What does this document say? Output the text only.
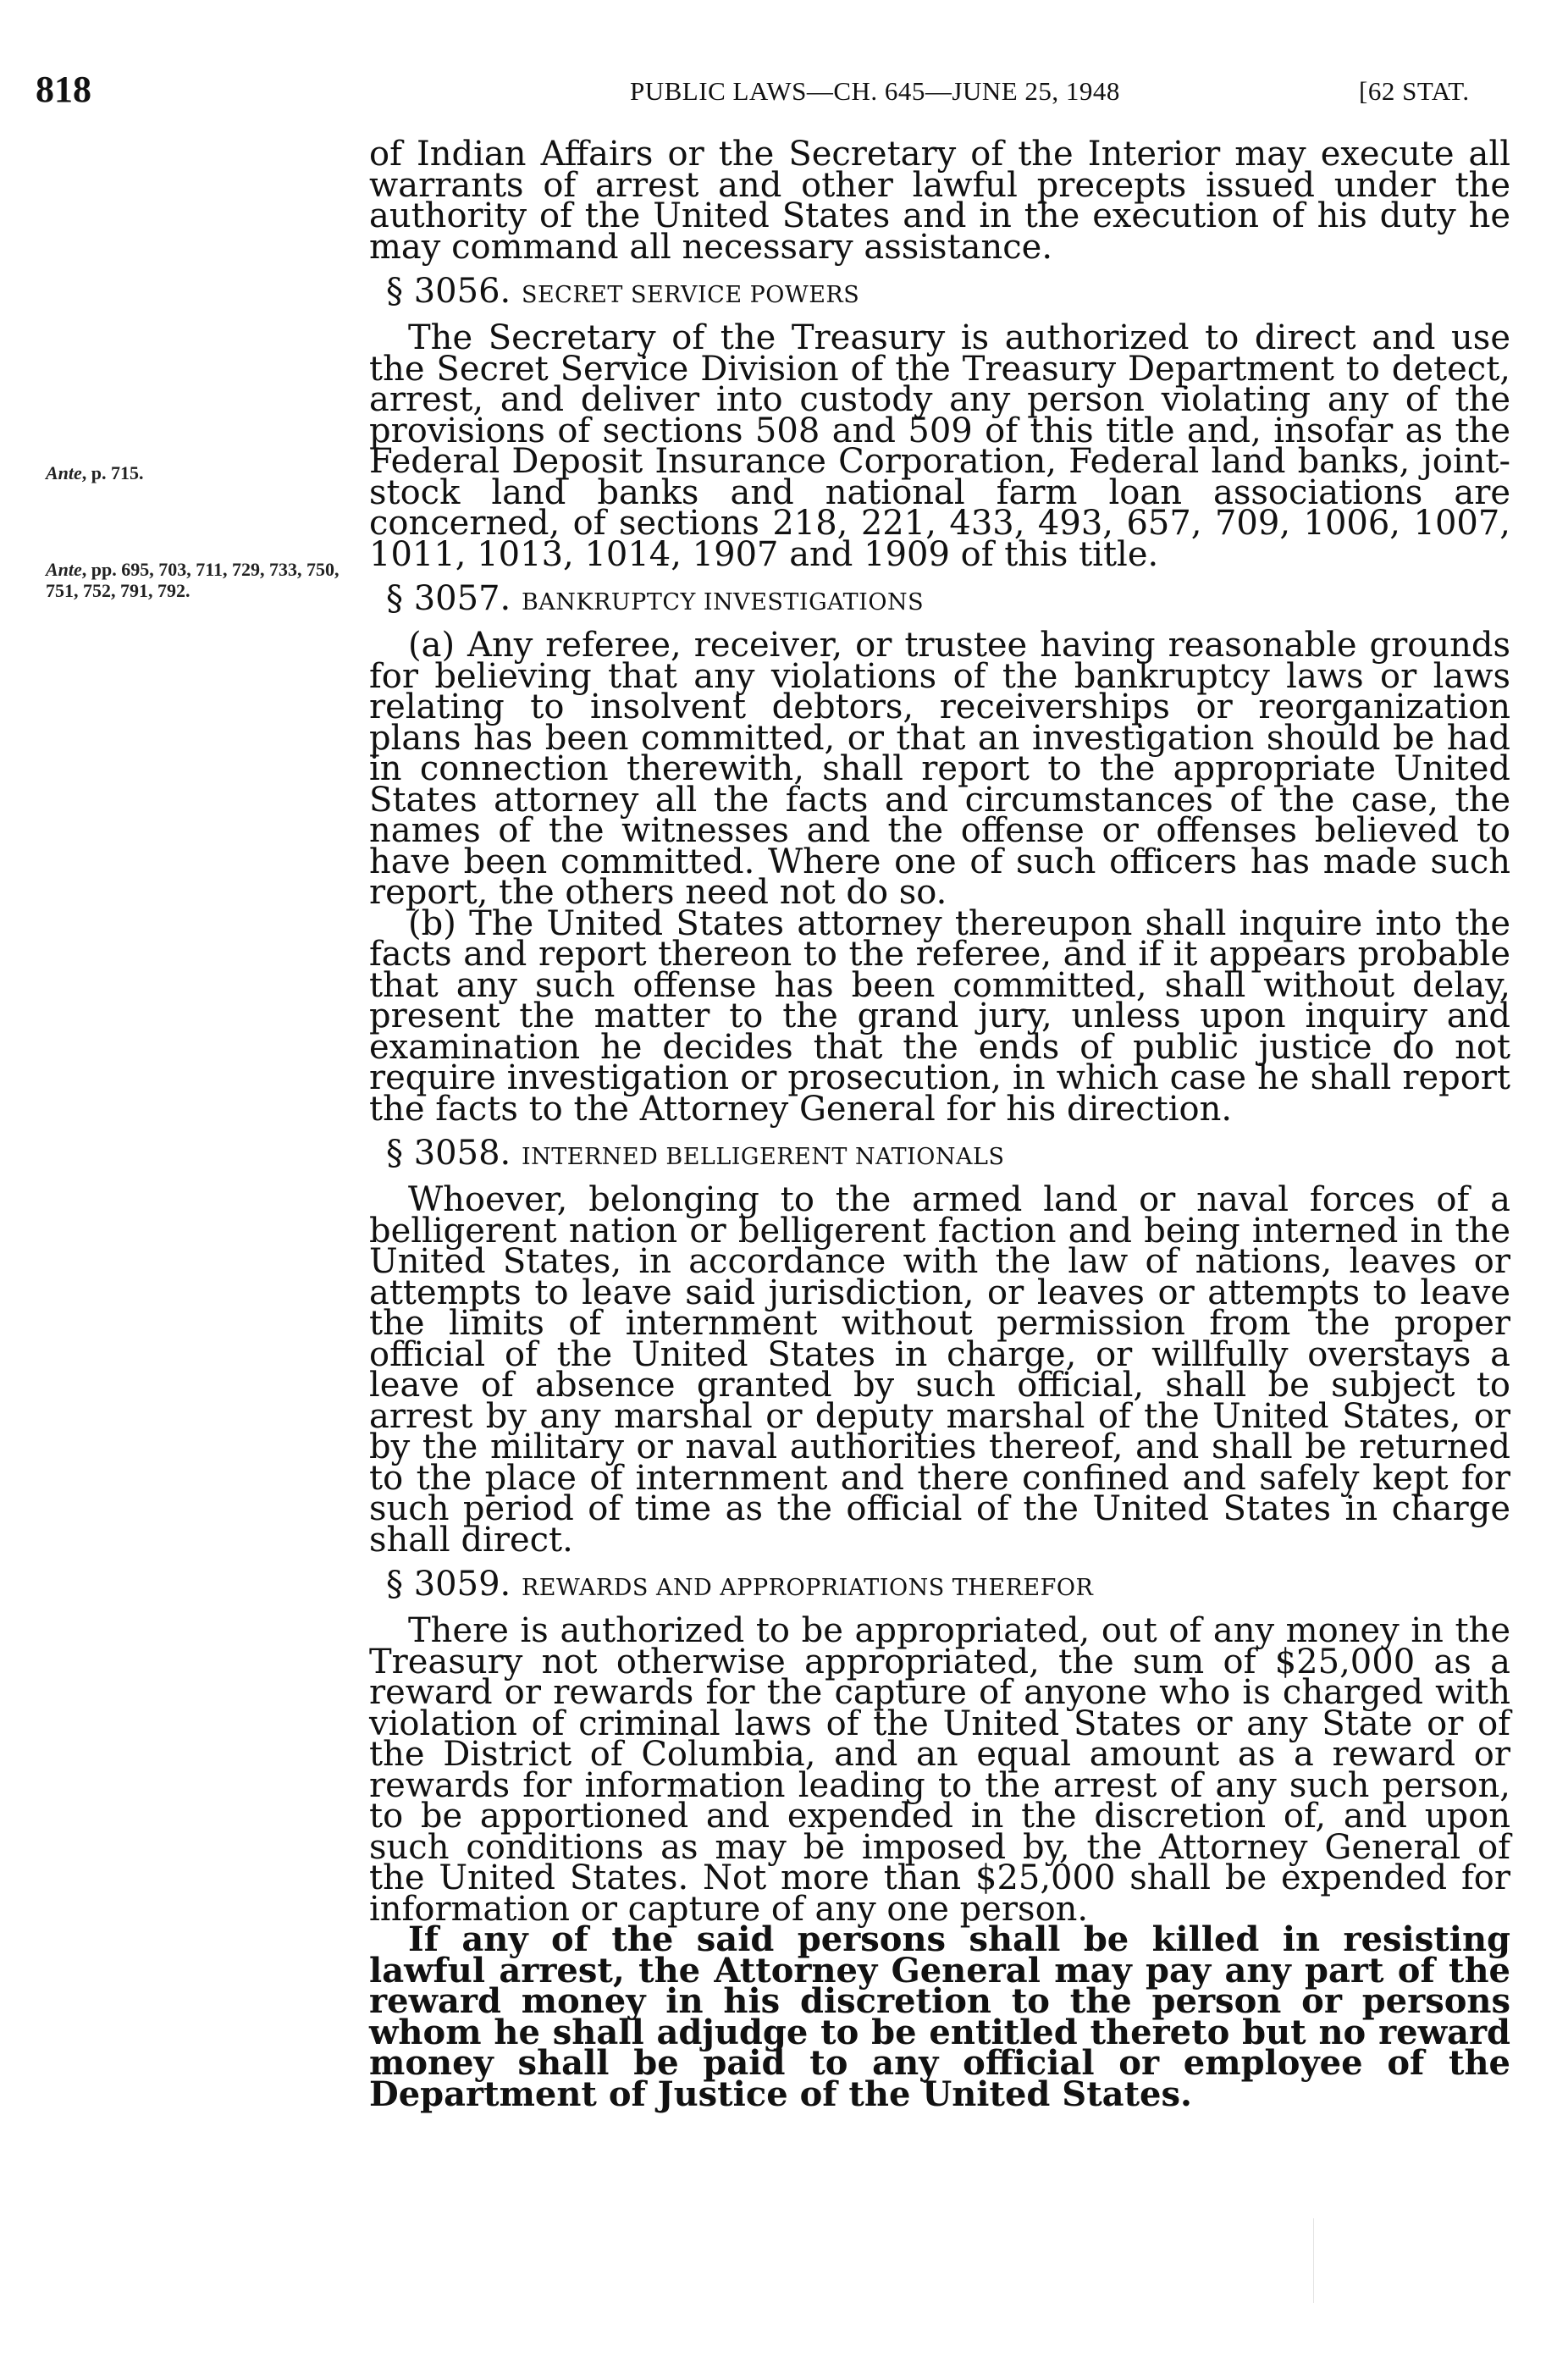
818	PUBLIC LAWS—CH. 645—JUNE 25, 1948	[62 STAT.
Ante, p. 715.
Ante, pp. 695, 703, 711, 729, 733, 750, 751, 752, 791, 792.

of Indian Affairs or the Secretary of the Interior may execute all warrants of arrest and other lawful precepts issued under the authority of the United States and in the execution of his duty he may command all necessary assistance.

§ 3056. SECRET SERVICE POWERS

The Secretary of the Treasury is authorized to direct and use the Secret Service Division of the Treasury Department to detect, arrest, and deliver into custody any person violating any of the provisions of sections 508 and 509 of this title and, insofar as the Federal Deposit Insurance Corporation, Federal land banks, joint-stock land banks and national farm loan associations are concerned, of sections 218, 221, 433, 493, 657, 709, 1006, 1007, 1011, 1013, 1014, 1907 and 1909 of this title.

§ 3057. BANKRUPTCY INVESTIGATIONS

(a) Any referee, receiver, or trustee having reasonable grounds for believing that any violations of the bankruptcy laws or laws relating to insolvent debtors, receiverships or reorganization plans has been committed, or that an investigation should be had in connection therewith, shall report to the appropriate United States attorney all the facts and circumstances of the case, the names of the witnesses and the offense or offenses believed to have been committed. Where one of such officers has made such report, the others need not do so.

(b) The United States attorney thereupon shall inquire into the facts and report thereon to the referee, and if it appears probable that any such offense has been committed, shall without delay, present the matter to the grand jury, unless upon inquiry and examination he decides that the ends of public justice do not require investigation or prosecution, in which case he shall report the facts to the Attorney General for his direction.

§ 3058. INTERNED BELLIGERENT NATIONALS

Whoever, belonging to the armed land or naval forces of a belligerent nation or belligerent faction and being interned in the United States, in accordance with the law of nations, leaves or attempts to leave said jurisdiction, or leaves or attempts to leave the limits of internment without permission from the proper official of the United States in charge, or willfully overstays a leave of absence granted by such official, shall be subject to arrest by any marshal or deputy marshal of the United States, or by the military or naval authorities thereof, and shall be returned to the place of internment and there confined and safely kept for such period of time as the official of the United States in charge shall direct.

§ 3059. REWARDS AND APPROPRIATIONS THEREFOR

There is authorized to be appropriated, out of any money in the Treasury not otherwise appropriated, the sum of $25,000 as a reward or rewards for the capture of anyone who is charged with violation of criminal laws of the United States or any State or of the District of Columbia, and an equal amount as a reward or rewards for information leading to the arrest of any such person, to be apportioned and expended in the discretion of, and upon such conditions as may be imposed by, the Attorney General of the United States. Not more than $25,000 shall be expended for information or capture of any one person.

If any of the said persons shall be killed in resisting lawful arrest, the Attorney General may pay any part of the reward money in his discretion to the person or persons whom he shall adjudge to be entitled thereto but no reward money shall be paid to any official or employee of the Department of Justice of the United States.
